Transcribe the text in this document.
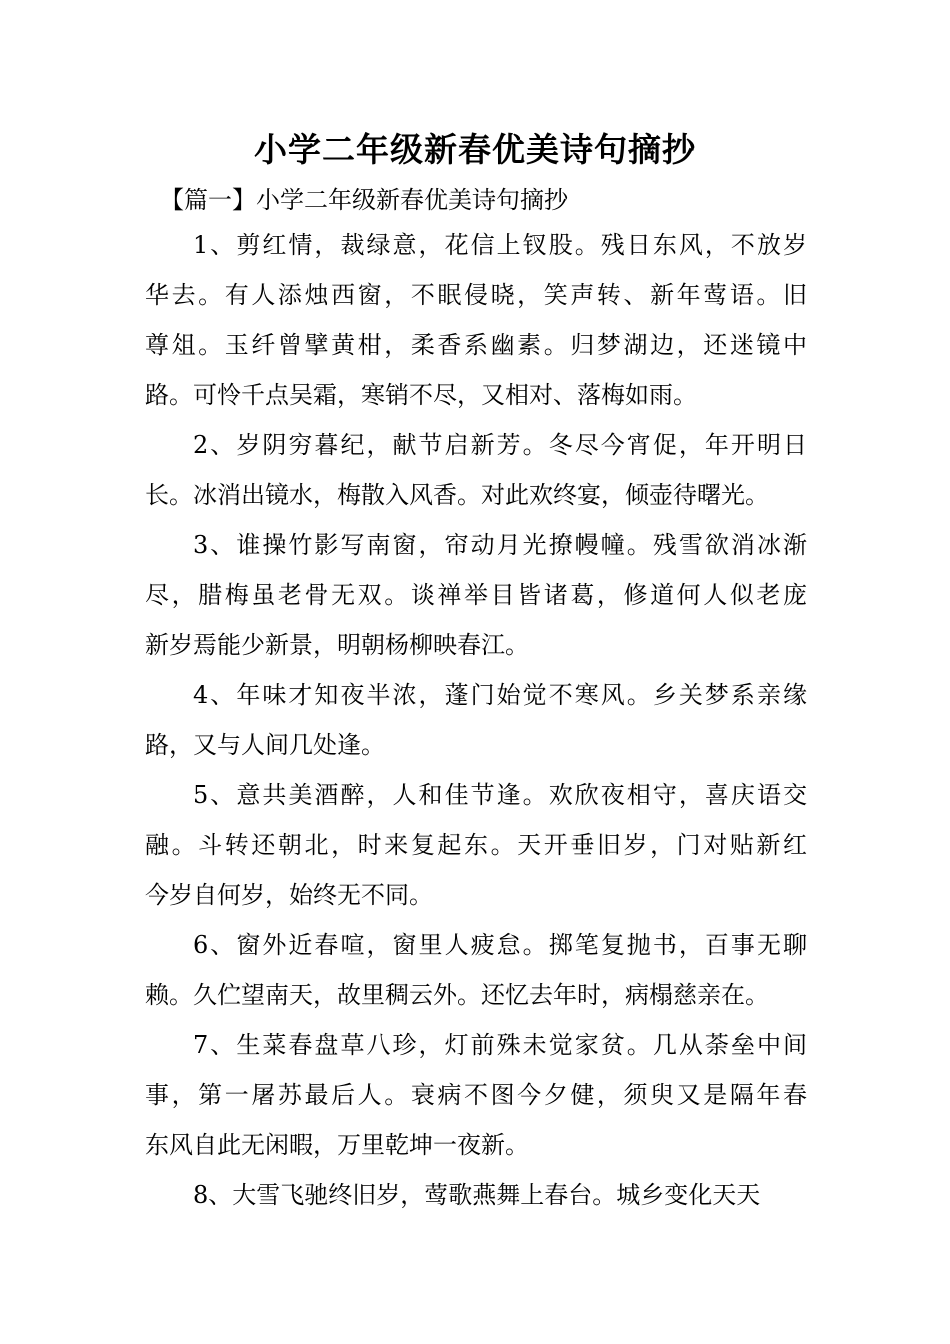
小学二年级新春优美诗句摘抄
【篇一】小学二年级新春优美诗句摘抄
1、剪红情，裁绿意，花信上钗股。残日东风，不放岁
华去。有人添烛西窗，不眠侵晓，笑声转、新年莺语。旧
尊俎。玉纤曾擘黄柑，柔香系幽素。归梦湖边，还迷镜中
路。可怜千点吴霜，寒销不尽，又相对、落梅如雨。
2、岁阴穷暮纪，献节启新芳。冬尽今宵促，年开明日
长。冰消出镜水，梅散入风香。对此欢终宴，倾壶待曙光。
3、谁操竹影写南窗，帘动月光撩幔幢。残雪欲消冰渐
尽，腊梅虽老骨无双。谈禅举目皆诸葛，修道何人似老庞
新岁焉能少新景，明朝杨柳映春江。
4、年味才知夜半浓，蓬门始觉不寒风。乡关梦系亲缘
路，又与人间几处逢。
5、意共美酒醉，人和佳节逢。欢欣夜相守，喜庆语交
融。斗转还朝北，时来复起东。天开垂旧岁，门对贴新红
今岁自何岁，始终无不同。
6、窗外近春喧，窗里人疲怠。掷笔复抛书，百事无聊
赖。久伫望南天，故里稠云外。还忆去年时，病榻慈亲在。
7、生菜春盘草八珍，灯前殊未觉家贫。几从荼垒中间
事，第一屠苏最后人。衰病不图今夕健，须臾又是隔年春
东风自此无闲暇，万里乾坤一夜新。
8、大雪飞驰终旧岁，莺歌燕舞上春台。城乡变化天天
